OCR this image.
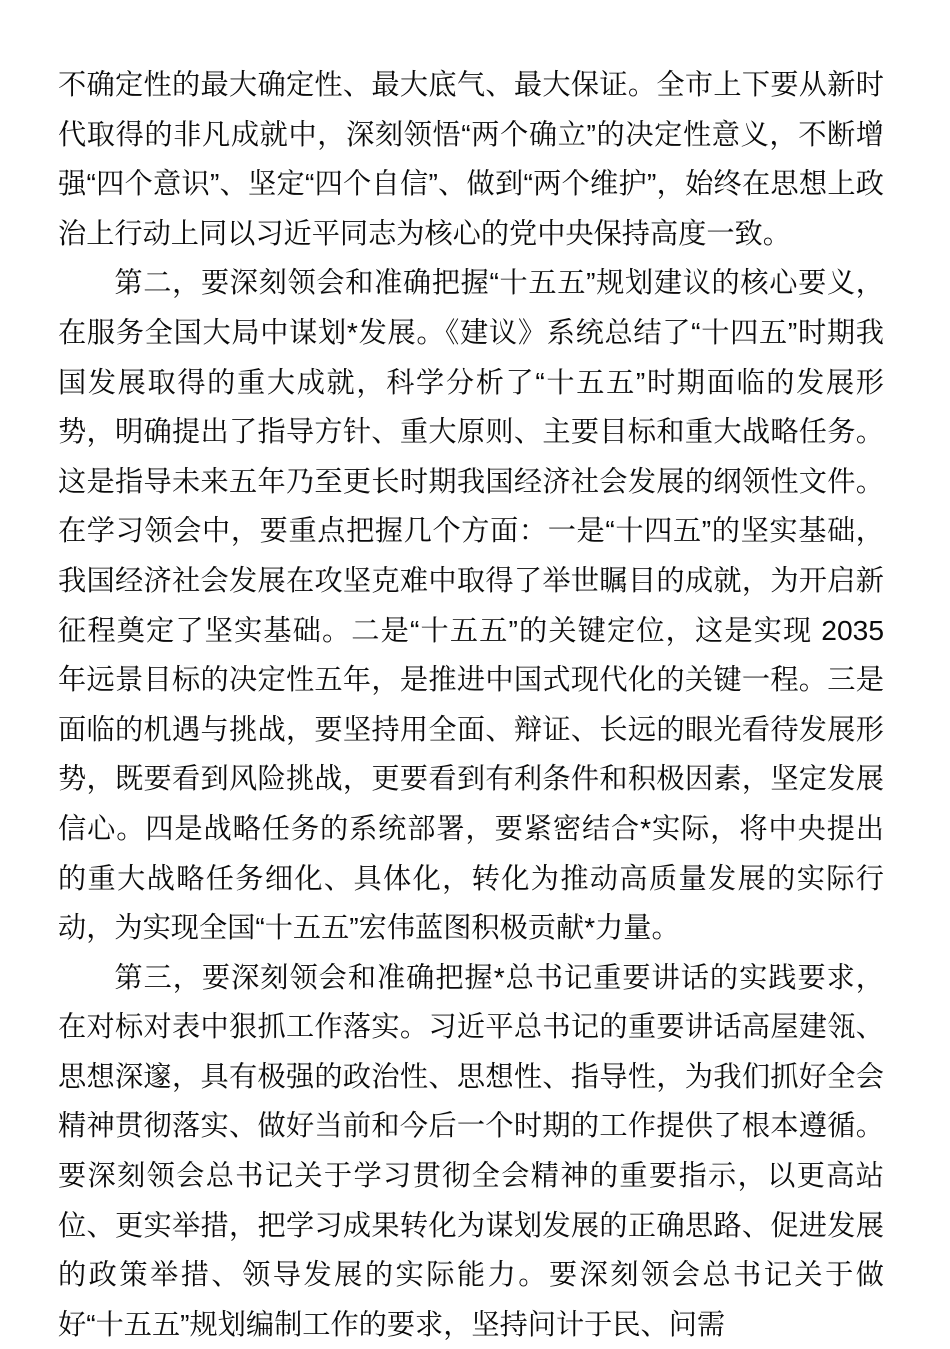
不确定性的最大确定性、最大底气、最大保证。全市上下要从新时代取得的非凡成就中，深刻领悟“两个确立”的决定性意义，不断增强“四个意识”、坚定“四个自信”、做到“两个维护”，始终在思想上政治上行动上同以习近平同志为核心的党中央保持高度一致。

第二，要深刻领会和准确把握“十五五”规划建议的核心要义，在服务全国大局中谋划*发展。《建议》系统总结了“十四五”时期我国发展取得的重大成就，科学分析了“十五五”时期面临的发展形势，明确提出了指导方针、重大原则、主要目标和重大战略任务。这是指导未来五年乃至更长时期我国经济社会发展的纲领性文件。在学习领会中，要重点把握几个方面：一是“十四五”的坚实基础，我国经济社会发展在攻坚克难中取得了举世瞩目的成就，为开启新征程奠定了坚实基础。二是“十五五”的关键定位，这是实现 2035 年远景目标的决定性五年，是推进中国式现代化的关键一程。三是面临的机遇与挑战，要坚持用全面、辩证、长远的眼光看待发展形势，既要看到风险挑战，更要看到有利条件和积极因素，坚定发展信心。四是战略任务的系统部署，要紧密结合*实际，将中央提出的重大战略任务细化、具体化，转化为推动高质量发展的实际行动，为实现全国“十五五”宏伟蓝图积极贡献*力量。

第三，要深刻领会和准确把握*总书记重要讲话的实践要求，在对标对表中狠抓工作落实。习近平总书记的重要讲话高屋建瓴、思想深邃，具有极强的政治性、思想性、指导性，为我们抓好全会精神贯彻落实、做好当前和今后一个时期的工作提供了根本遵循。要深刻领会总书记关于学习贯彻全会精神的重要指示，以更高站位、更实举措，把学习成果转化为谋划发展的正确思路、促进发展的政策举措、领导发展的实际能力。要深刻领会总书记关于做好“十五五”规划编制工作的要求，坚持问计于民、问需
